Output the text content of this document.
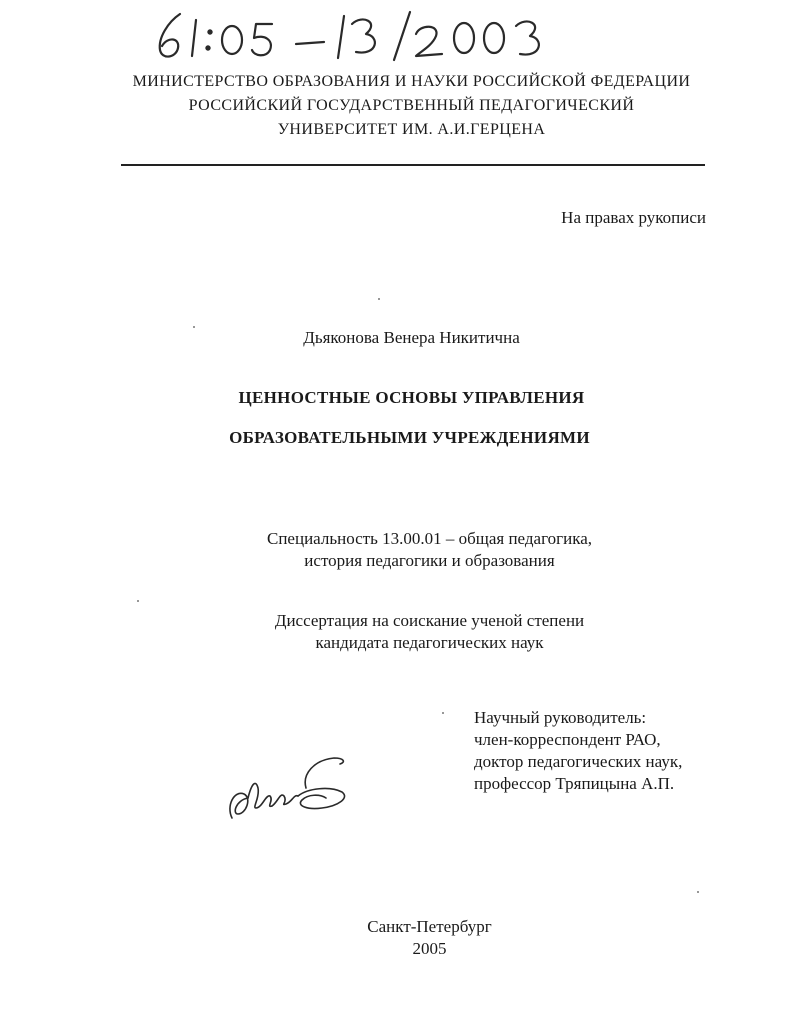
МИНИСТЕРСТВО ОБРАЗОВАНИЯ И НАУКИ РОССИЙСКОЙ ФЕДЕРАЦИИ
РОССИЙСКИЙ ГОСУДАРСТВЕННЫЙ ПЕДАГОГИЧЕСКИЙ
УНИВЕРСИТЕТ ИМ. А.И.ГЕРЦЕНА
На правах рукописи
Дьяконова Венера Никитична
ЦЕННОСТНЫЕ ОСНОВЫ УПРАВЛЕНИЯ
ОБРАЗОВАТЕЛЬНЫМИ УЧРЕЖДЕНИЯМИ
Специальность 13.00.01 – общая педагогика,
история педагогики и образования
Диссертация на соискание ученой степени
кандидата педагогических наук
Научный руководитель:
член-корреспондент РАО,
доктор педагогических наук,
профессор Тряпицына А.П.
Санкт-Петербург
2005
